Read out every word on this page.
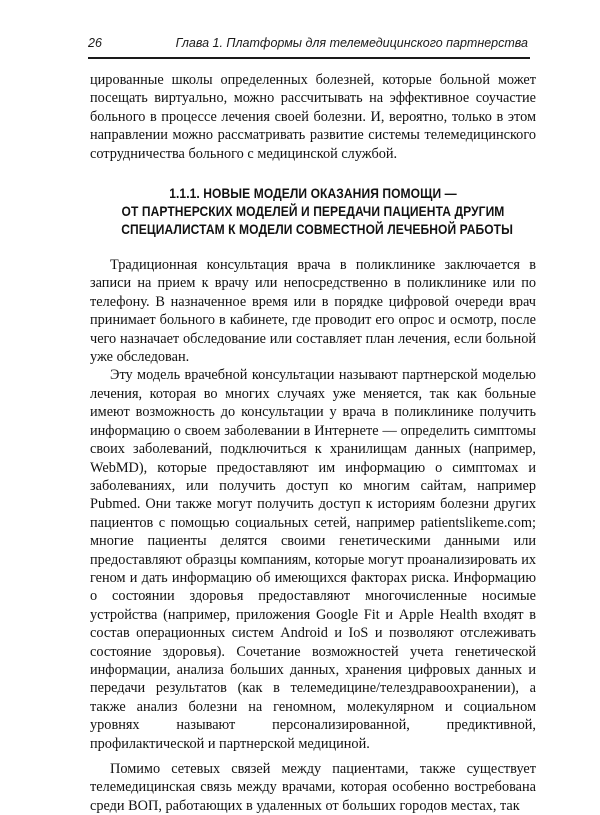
26	Глава 1. Платформы для телемедицинского партнерства

цированные школы определенных болезней, которые больной может посещать виртуально, можно рассчитывать на эффективное соучастие больного в процессе лечения своей болезни. И, вероятно, только в этом направлении можно рассматривать развитие системы телемедицинского сотрудничества больного с медицинской службой.

1.1.1. НОВЫЕ МОДЕЛИ ОКАЗАНИЯ ПОМОЩИ —
ОТ ПАРТНЕРСКИХ МОДЕЛЕЙ И ПЕРЕДАЧИ ПАЦИЕНТА ДРУГИМ
СПЕЦИАЛИСТАМ К МОДЕЛИ СОВМЕСТНОЙ ЛЕЧЕБНОЙ РАБОТЫ

Традиционная консультация врача в поликлинике заключается в записи на прием к врачу или непосредственно в поликлинике или по телефону. В назначенное время или в порядке цифровой очереди врач принимает больного в кабинете, где проводит его опрос и осмотр, после чего назначает обследование или составляет план лечения, если больной уже обследован.

Эту модель врачебной консультации называют партнерской моделью лечения, которая во многих случаях уже меняется, так как больные имеют возможность до консультации у врача в поликлинике получить информацию о своем заболевании в Интернете — определить симптомы своих заболеваний, подключиться к хранилищам данных (например, WebMD), которые предоставляют им информацию о симптомах и заболеваниях, или получить доступ ко многим сайтам, например Pubmed. Они также могут получить доступ к историям болезни других пациентов с помощью социальных сетей, например patientslikeme.com; многие пациенты делятся своими генетическими данными или предоставляют образцы компаниям, которые могут проанализировать их геном и дать информацию об имеющихся факторах риска. Информацию о состоянии здоровья предоставляют многочисленные носимые устройства (например, приложения Google Fit и Apple Health входят в состав операционных систем Android и IoS и позволяют отслеживать состояние здоровья). Сочетание возможностей учета генетической информации, анализа больших данных, хранения цифровых данных и передачи результатов (как в телемедицине/телездравоохранении), а также анализ болезни на геномном, молекулярном и социальном уровнях называют персонализированной, предиктивной, профилактической и партнерской медициной.

Помимо сетевых связей между пациентами, также существует телемедицинская связь между врачами, которая особенно востребована среди ВОП, работающих в удаленных от больших городов местах, так
